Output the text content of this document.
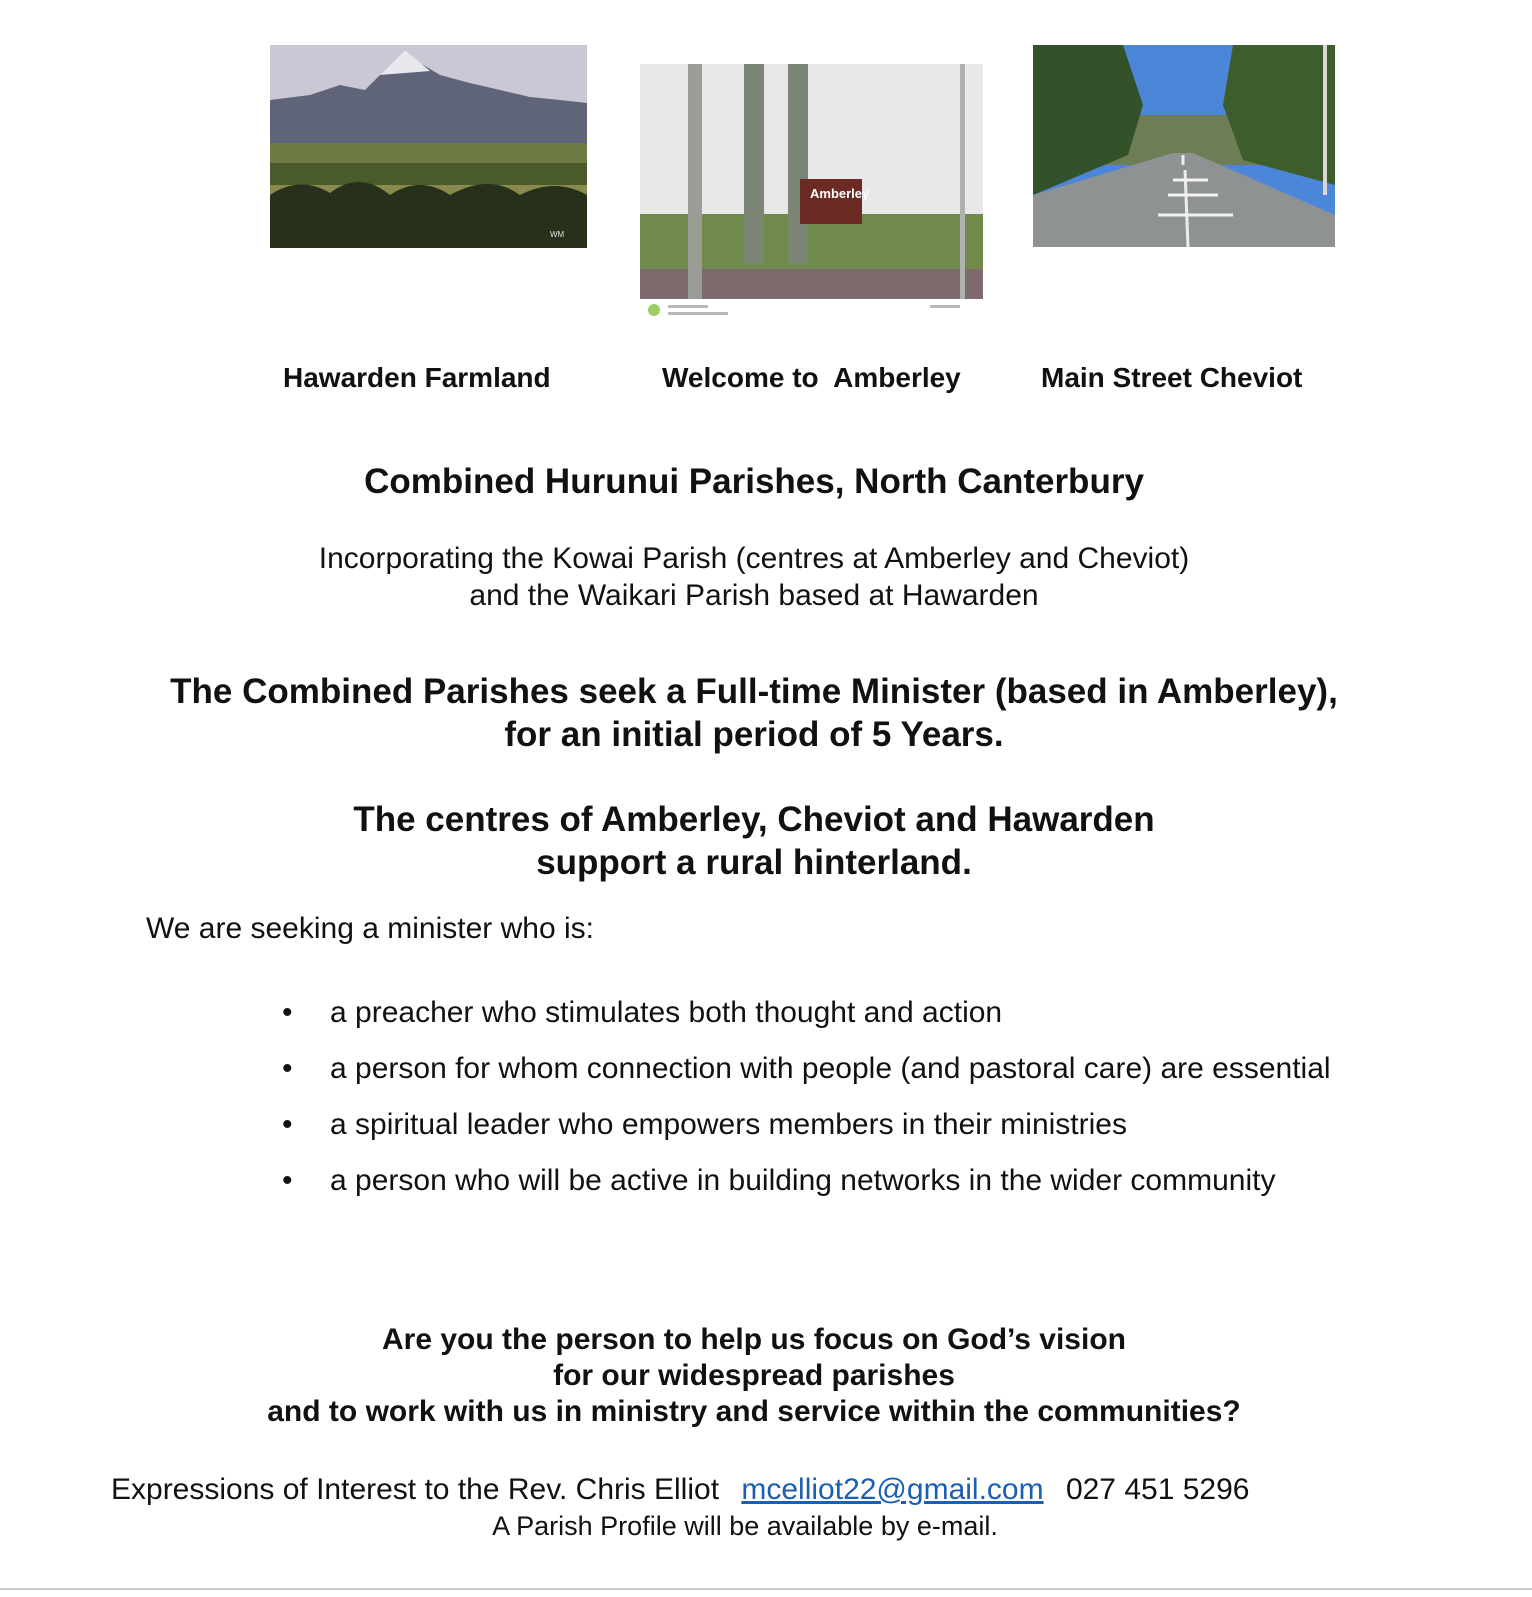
WM
Amberley
Hawarden Farmland	Welcome to  Amberley	Main Street Cheviot
Combined Hurunui Parishes, North Canterbury
Incorporating the Kowai Parish (centres at Amberley and Cheviot)
and the Waikari Parish based at Hawarden
The Combined Parishes seek a Full-time Minister (based in Amberley),
for an initial period of 5 Years.
The centres of Amberley, Cheviot and Hawarden
support a rural hinterland.
We are seeking a minister who is:
• a preacher who stimulates both thought and action
• a person for whom connection with people (and pastoral care) are essential
• a spiritual leader who empowers members in their ministries
• a person who will be active in building networks in the wider community
Are you the person to help us focus on God’s vision
for our widespread parishes
and to work with us in ministry and service within the communities?
Expressions of Interest to the Rev. Chris Elliot mcelliot22@gmail.com 027 451 5296
A Parish Profile will be available by e-mail.
